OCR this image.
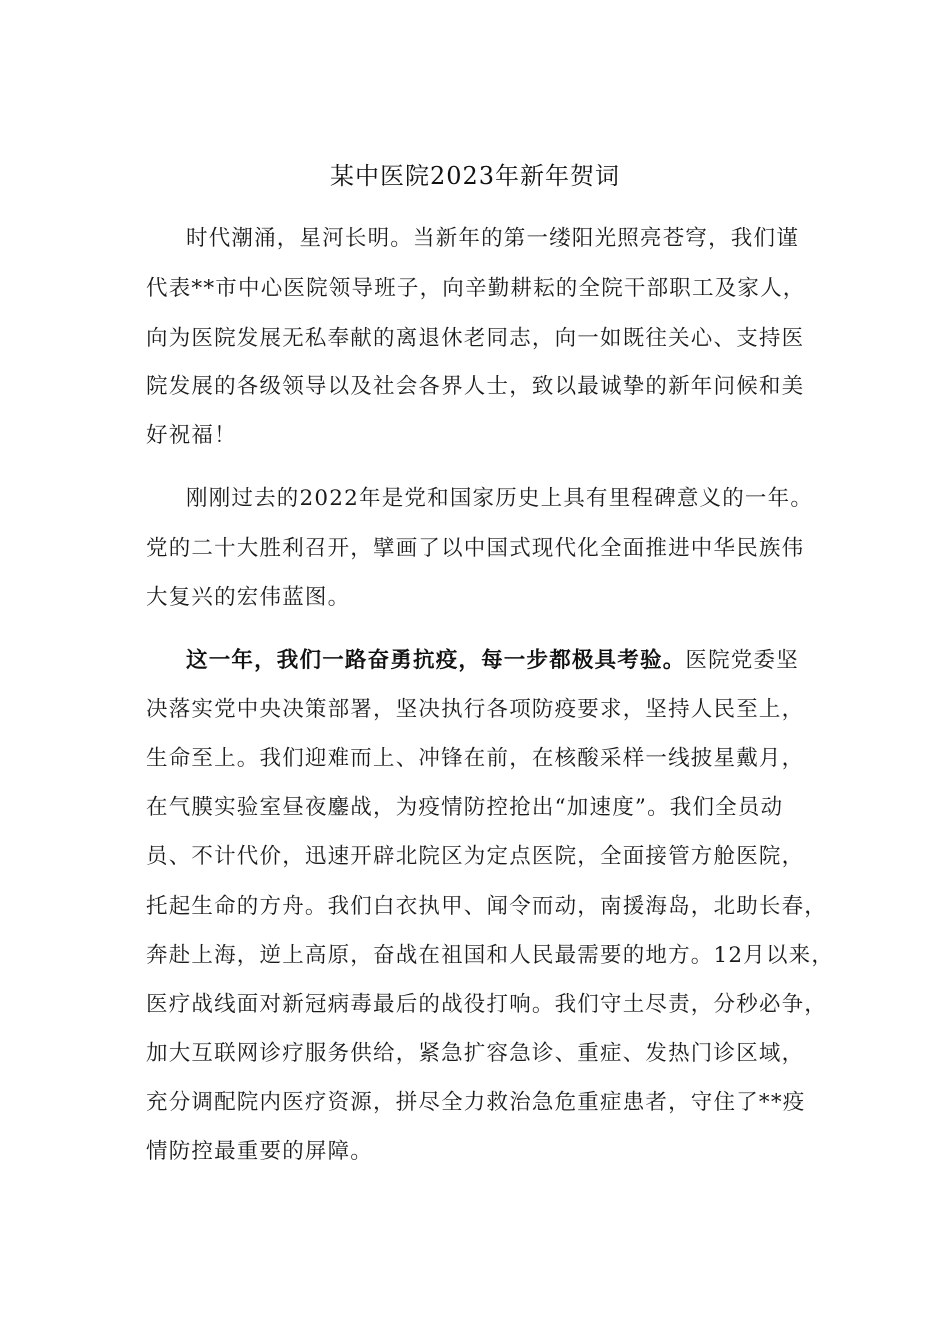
某中医院2023年新年贺词
时代潮涌，星河长明。当新年的第一缕阳光照亮苍穹，我们谨
代表**市中心医院领导班子，向辛勤耕耘的全院干部职工及家人，
向为医院发展无私奉献的离退休老同志，向一如既往关心、支持医
院发展的各级领导以及社会各界人士，致以最诚挚的新年问候和美
好祝福！
刚刚过去的2022年是党和国家历史上具有里程碑意义的一年。
党的二十大胜利召开，擘画了以中国式现代化全面推进中华民族伟
大复兴的宏伟蓝图。
这一年，我们一路奋勇抗疫，每一步都极具考验。医院党委坚
决落实党中央决策部署，坚决执行各项防疫要求，坚持人民至上，
生命至上。我们迎难而上、冲锋在前，在核酸采样一线披星戴月，
在气膜实验室昼夜鏖战，为疫情防控抢出“加速度”。我们全员动
员、不计代价，迅速开辟北院区为定点医院，全面接管方舱医院，
托起生命的方舟。我们白衣执甲、闻令而动，南援海岛，北助长春，
奔赴上海，逆上高原，奋战在祖国和人民最需要的地方。12月以来，
医疗战线面对新冠病毒最后的战役打响。我们守土尽责，分秒必争，
加大互联网诊疗服务供给，紧急扩容急诊、重症、发热门诊区域，
充分调配院内医疗资源，拼尽全力救治急危重症患者，守住了**疫
情防控最重要的屏障。
